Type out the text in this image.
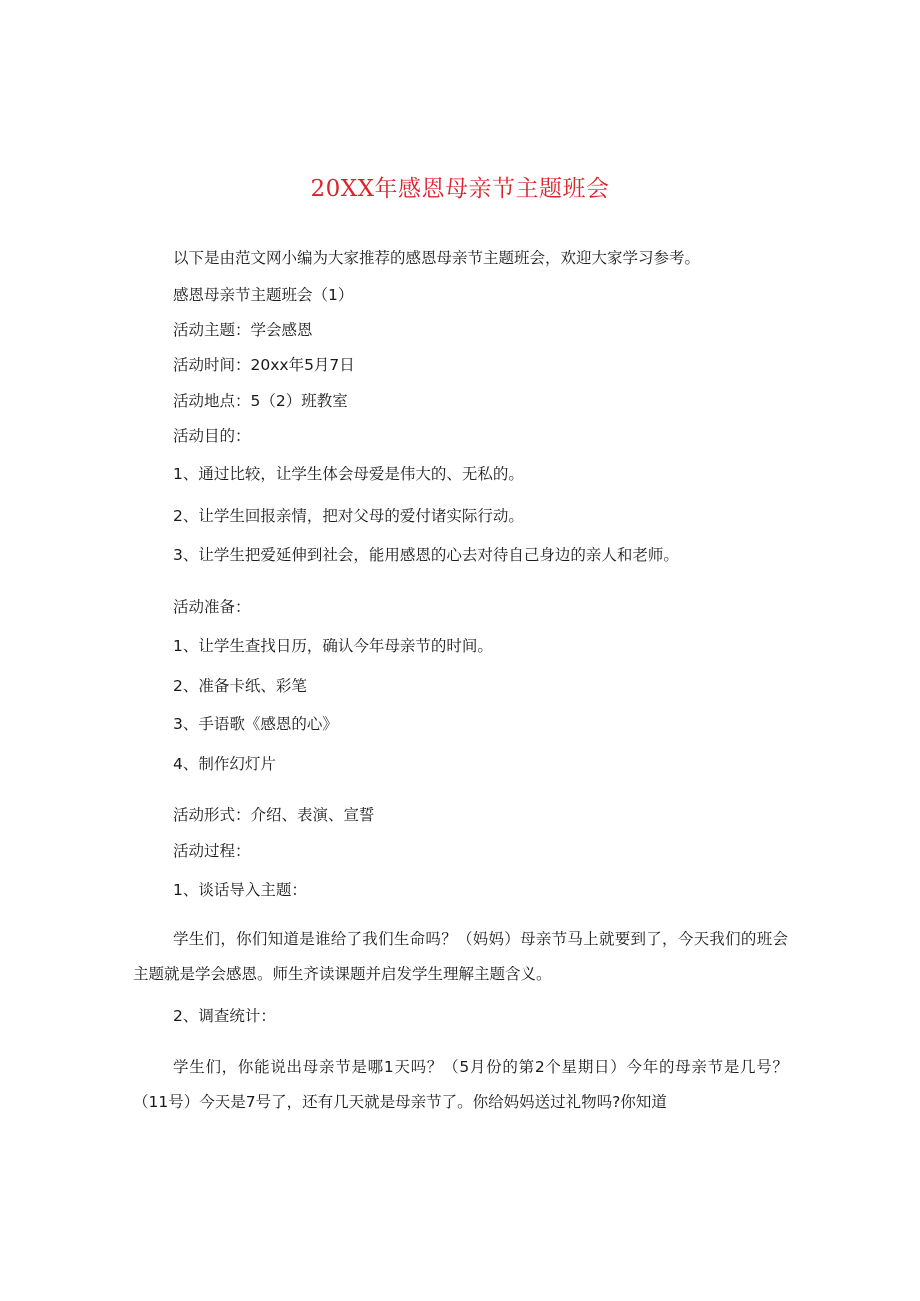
20XX年感恩母亲节主题班会

以下是由范文网小编为大家推荐的感恩母亲节主题班会，欢迎大家学习参考。

感恩母亲节主题班会（1）

活动主题：学会感恩

活动时间：20xx年5月7日

活动地点：5（2）班教室

活动目的：

1、通过比较，让学生体会母爱是伟大的、无私的。

2、让学生回报亲情，把对父母的爱付诸实际行动。

3、让学生把爱延伸到社会，能用感恩的心去对待自己身边的亲人和老师。

活动准备：

1、让学生查找日历，确认今年母亲节的时间。

2、准备卡纸、彩笔

3、手语歌《感恩的心》

4、制作幻灯片

活动形式：介绍、表演、宣誓

活动过程：

1、谈话导入主题：

学生们，你们知道是谁给了我们生命吗？（妈妈）母亲节马上就要到了，今天我们的班会主题就是学会感恩。师生齐读课题并启发学生理解主题含义。

2、调查统计：

学生们，你能说出母亲节是哪1天吗？（5月份的第2个星期日）今年的母亲节是几号？（11号）今天是7号了，还有几天就是母亲节了。你给妈妈送过礼物吗?你知道
